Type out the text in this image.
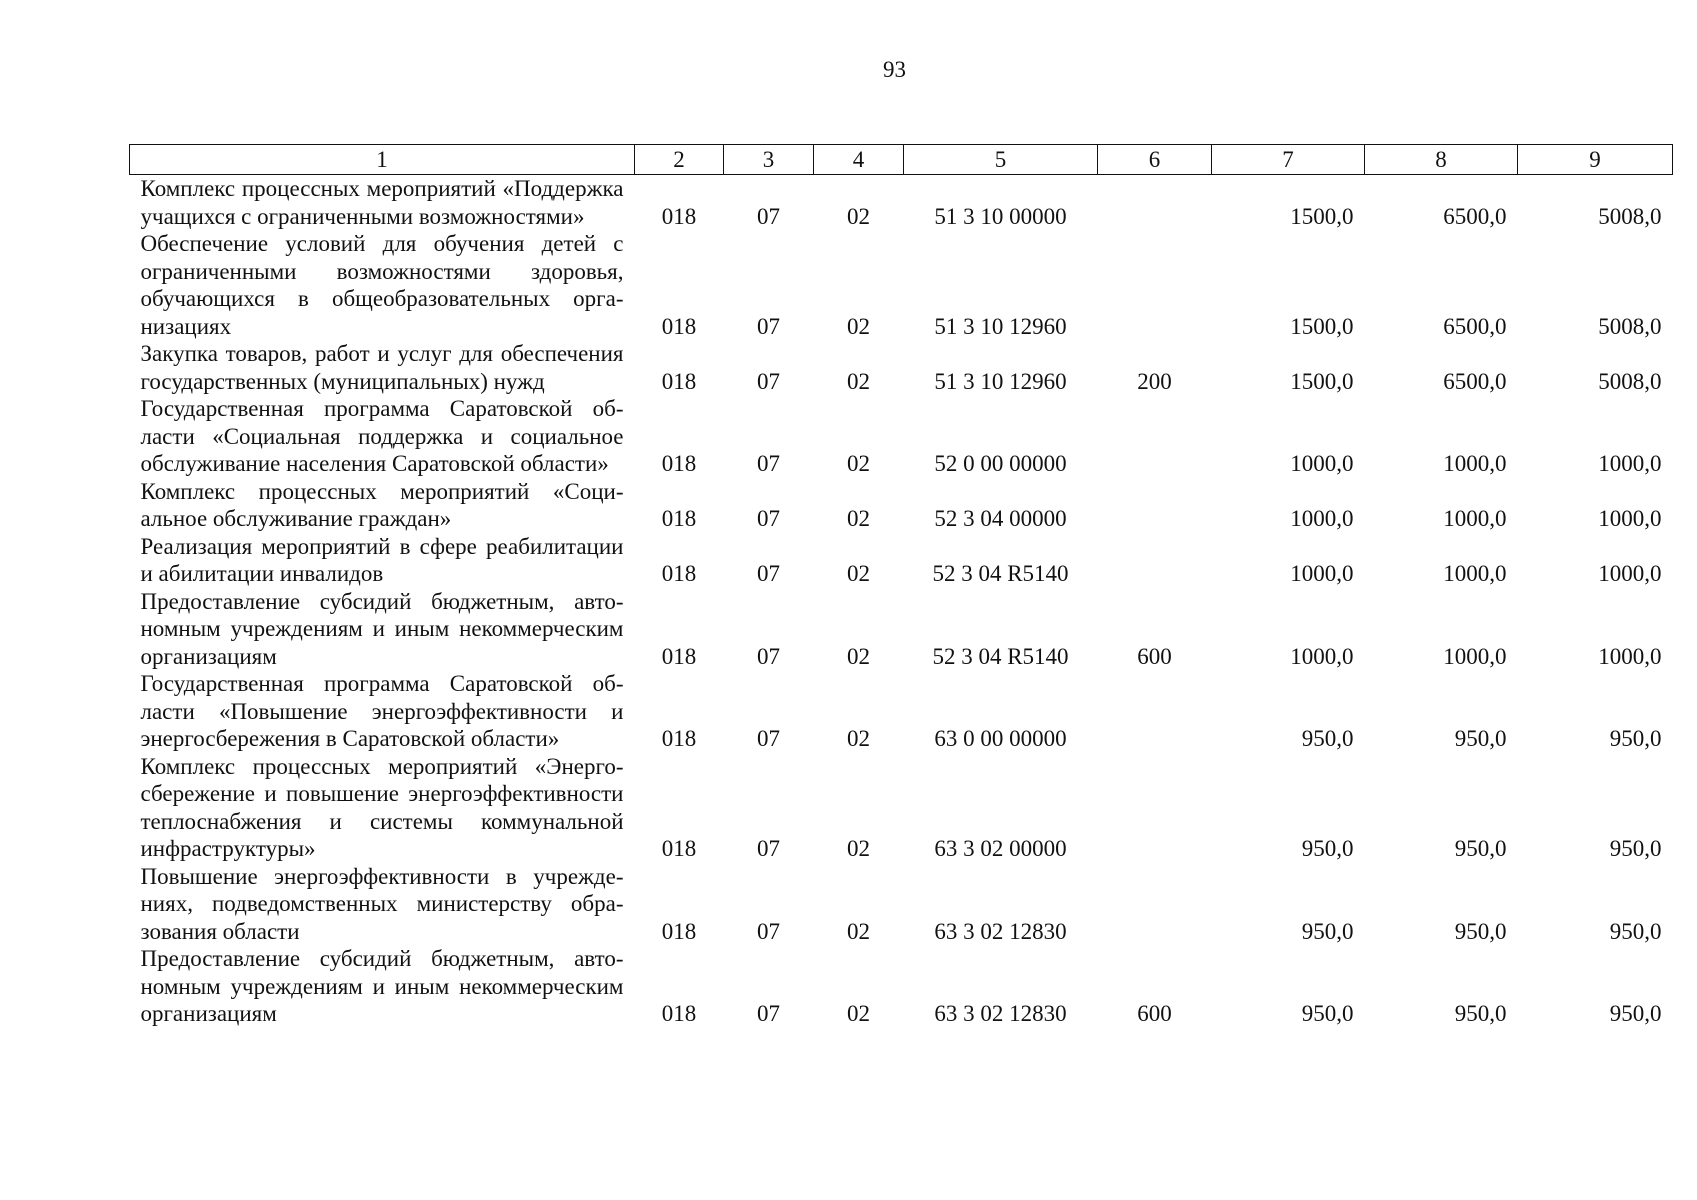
93
1	2	3	4	5	6	7	8	9
Комплекс процессных мероприятий «Поддержка учащихся с ограниченными возможностями»	018	07	02	51 3 10 00000		1500,0	6500,0	5008,0
Обеспечение условий для обучения детей с ограниченными возможностями здоровья, обучающихся в общеобразовательных организациях	018	07	02	51 3 10 12960		1500,0	6500,0	5008,0
Закупка товаров, работ и услуг для обеспечения государственных (муниципальных) нужд	018	07	02	51 3 10 12960	200	1500,0	6500,0	5008,0
Государственная программа Саратовской области «Социальная поддержка и социальное обслуживание населения Саратовской области»	018	07	02	52 0 00 00000		1000,0	1000,0	1000,0
Комплекс процессных мероприятий «Социальное обслуживание граждан»	018	07	02	52 3 04 00000		1000,0	1000,0	1000,0
Реализация мероприятий в сфере реабилитации и абилитации инвалидов	018	07	02	52 3 04 R5140		1000,0	1000,0	1000,0
Предоставление субсидий бюджетным, автономным учреждениям и иным некоммерческим организациям	018	07	02	52 3 04 R5140	600	1000,0	1000,0	1000,0
Государственная программа Саратовской области «Повышение энергоэффективности и энергосбережения в Саратовской области»	018	07	02	63 0 00 00000		950,0	950,0	950,0
Комплекс процессных мероприятий «Энергосбережение и повышение энергоэффективности теплоснабжения и системы коммунальной инфраструктуры»	018	07	02	63 3 02 00000		950,0	950,0	950,0
Повышение энергоэффективности в учреждениях, подведомственных министерству образования области	018	07	02	63 3 02 12830		950,0	950,0	950,0
Предоставление субсидий бюджетным, автономным учреждениям и иным некоммерческим организациям	018	07	02	63 3 02 12830	600	950,0	950,0	950,0
